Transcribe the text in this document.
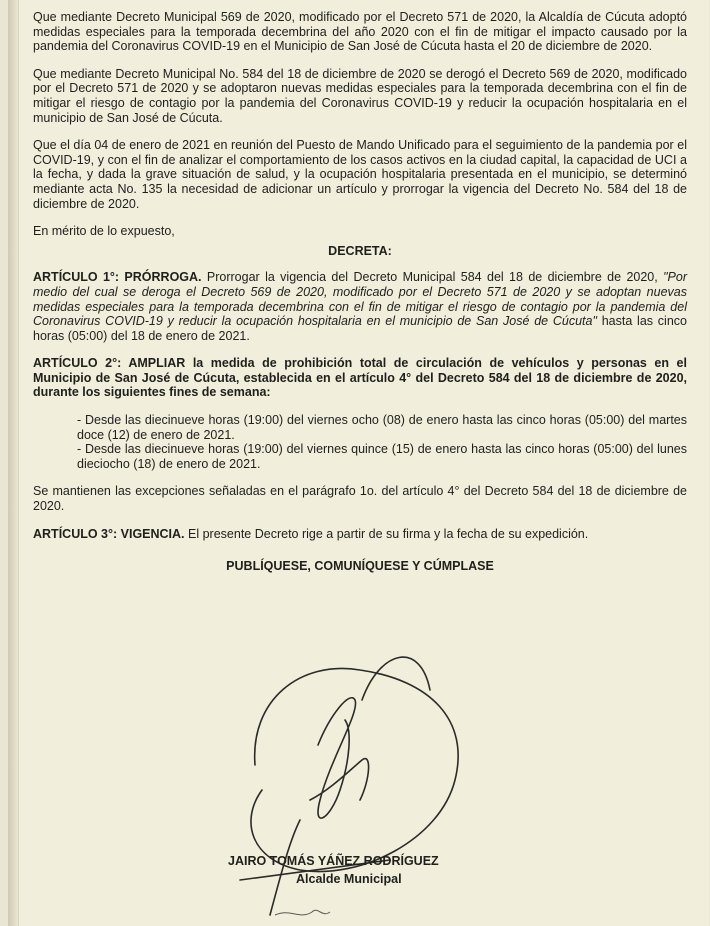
Que mediante Decreto Municipal 569 de 2020, modificado por el Decreto 571 de 2020, la Alcaldía de Cúcuta adoptó medidas especiales para la temporada decembrina del año 2020 con el fin de mitigar el impacto causado por la pandemia del Coronavirus COVID-19 en el Municipio de San José de Cúcuta hasta el 20 de diciembre de 2020.

Que mediante Decreto Municipal No. 584 del 18 de diciembre de 2020 se derogó el Decreto 569 de 2020, modificado por el Decreto 571 de 2020 y se adoptaron nuevas medidas especiales para la temporada decembrina con el fin de mitigar el riesgo de contagio por la pandemia del Coronavirus COVID-19 y reducir la ocupación hospitalaria en el municipio de San José de Cúcuta.

Que el día 04 de enero de 2021 en reunión del Puesto de Mando Unificado para el seguimiento de la pandemia por el COVID-19, y con el fin de analizar el comportamiento de los casos activos en la ciudad capital, la capacidad de UCI a la fecha, y dada la grave situación de salud, y la ocupación hospitalaria presentada en el municipio, se determinó mediante acta No. 135 la necesidad de adicionar un artículo y prorrogar la vigencia del Decreto No. 584 del 18 de diciembre de 2020.

En mérito de lo expuesto,

DECRETA:

ARTÍCULO 1°: PRÓRROGA. Prorrogar la vigencia del Decreto Municipal 584 del 18 de diciembre de 2020, "Por medio del cual se deroga el Decreto 569 de 2020, modificado por el Decreto 571 de 2020 y se adoptan nuevas medidas especiales para la temporada decembrina con el fin de mitigar el riesgo de contagio por la pandemia del Coronavirus COVID-19 y reducir la ocupación hospitalaria en el municipio de San José de Cúcuta" hasta las cinco horas (05:00) del 18 de enero de 2021.

ARTÍCULO 2°: AMPLIAR la medida de prohibición total de circulación de vehículos y personas en el Municipio de San José de Cúcuta, establecida en el artículo 4° del Decreto 584 del 18 de diciembre de 2020, durante los siguientes fines de semana:

- Desde las diecinueve horas (19:00) del viernes ocho (08) de enero hasta las cinco horas (05:00) del martes doce (12) de enero de 2021.
- Desde las diecinueve horas (19:00) del viernes quince (15) de enero hasta las cinco horas (05:00) del lunes dieciocho (18) de enero de 2021.

Se mantienen las excepciones señaladas en el parágrafo 1o. del artículo 4° del Decreto 584 del 18 de diciembre de 2020.

ARTÍCULO 3°: VIGENCIA. El presente Decreto rige a partir de su firma y la fecha de su expedición.

PUBLÍQUESE, COMUNÍQUESE Y CÚMPLASE

JAIRO TOMÁS YÁÑEZ RODRÍGUEZ
Alcalde Municipal
